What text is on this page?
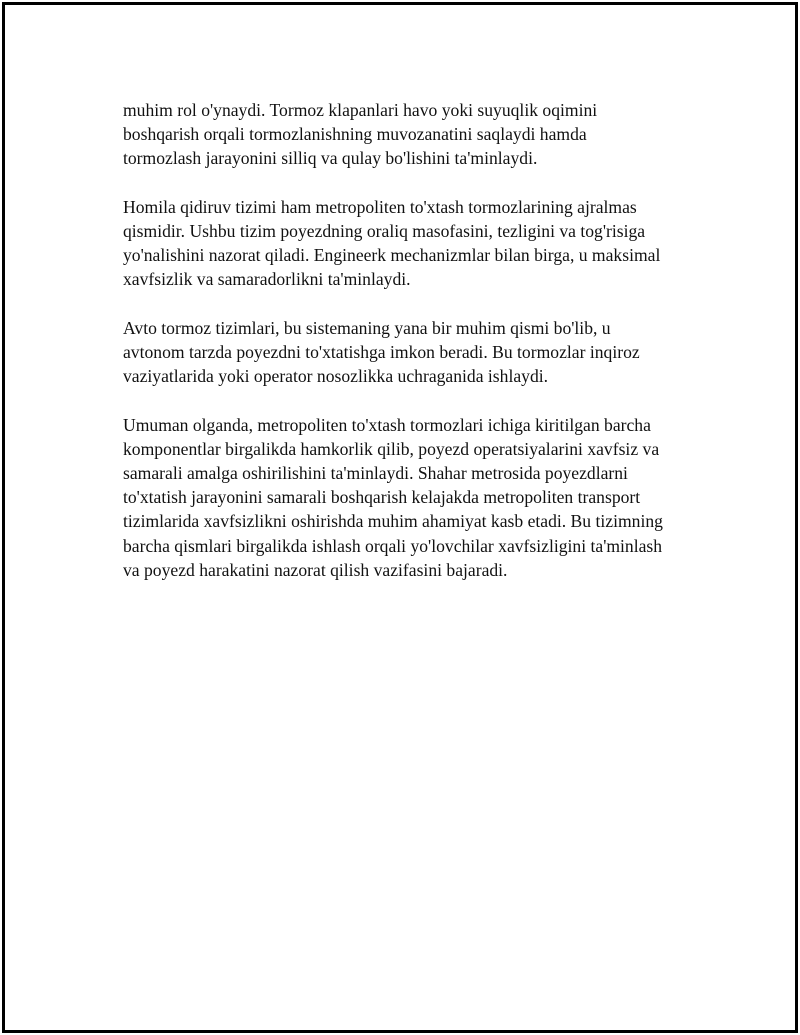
muhim rol o'ynaydi. Tormoz klapanlari havo yoki suyuqlik oqimini
boshqarish orqali tormozlanishning muvozanatini saqlaydi hamda
tormozlash jarayonini silliq va qulay bo'lishini ta'minlaydi.

Homila qidiruv tizimi ham metropoliten to'xtash tormozlarining ajralmas
qismidir. Ushbu tizim poyezdning oraliq masofasini, tezligini va tog'risiga
yo'nalishini nazorat qiladi. Engineerk mechanizmlar bilan birga, u maksimal
xavfsizlik va samaradorlikni ta'minlaydi.

Avto tormoz tizimlari, bu sistemaning yana bir muhim qismi bo'lib, u
avtonom tarzda poyezdni to'xtatishga imkon beradi. Bu tormozlar inqiroz
vaziyatlarida yoki operator nosozlikka uchraganida ishlaydi.

Umuman olganda, metropoliten to'xtash tormozlari ichiga kiritilgan barcha
komponentlar birgalikda hamkorlik qilib, poyezd operatsiyalarini xavfsiz va
samarali amalga oshirilishini ta'minlaydi. Shahar metrosida poyezdlarni
to'xtatish jarayonini samarali boshqarish kelajakda metropoliten transport
tizimlarida xavfsizlikni oshirishda muhim ahamiyat kasb etadi. Bu tizimning
barcha qismlari birgalikda ishlash orqali yo'lovchilar xavfsizligini ta'minlash
va poyezd harakatini nazorat qilish vazifasini bajaradi.
